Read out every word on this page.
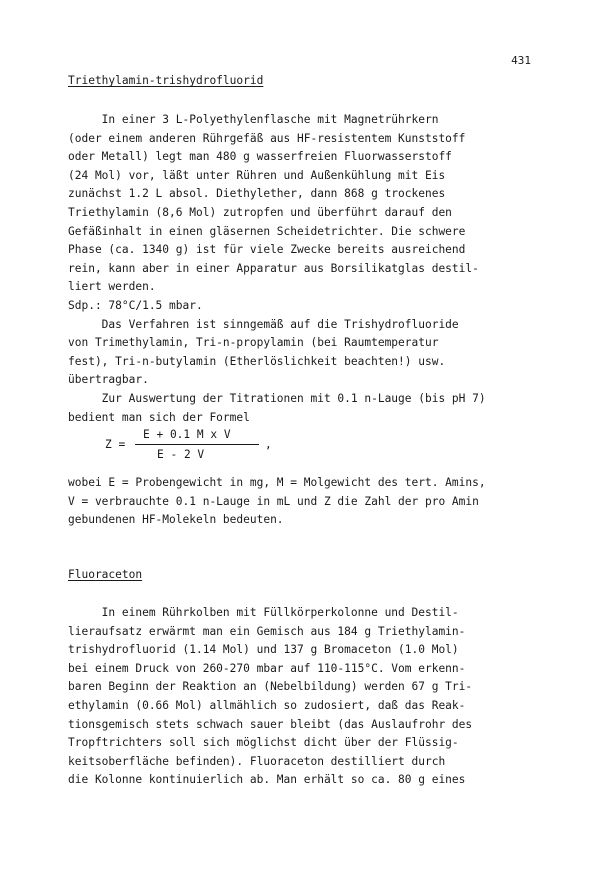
431
Triethylamin-trishydrofluorid
In einer 3 L-Polyethylenflasche mit Magnetrührkern
(oder einem anderen Rührgefäß aus HF-resistentem Kunststoff
oder Metall) legt man 480 g wasserfreien Fluorwasserstoff
(24 Mol) vor, läßt unter Rühren und Außenkühlung mit Eis
zunächst 1.2 L absol. Diethylether, dann 868 g trockenes
Triethylamin (8,6 Mol) zutropfen und überführt darauf den
Gefäßinhalt in einen gläsernen Scheidetrichter. Die schwere
Phase (ca. 1340 g) ist für viele Zwecke bereits ausreichend
rein, kann aber in einer Apparatur aus Borsilikatglas destil-
liert werden.
Sdp.: 78°C/1.5 mbar.
Das Verfahren ist sinngemäß auf die Trishydrofluoride
von Trimethylamin, Tri-n-propylamin (bei Raumtemperatur
fest), Tri-n-butylamin (Etherlöslichkeit beachten!) usw.
übertragbar.
Zur Auswertung der Titrationen mit 0.1 n-Lauge (bis pH 7)
bedient man sich der Formel
Z =
E + 0.1 M x V
E - 2 V
,
wobei E = Probengewicht in mg, M = Molgewicht des tert. Amins,
V = verbrauchte 0.1 n-Lauge in mL und Z die Zahl der pro Amin
gebundenen HF-Molekeln bedeuten.
Fluoraceton
In einem Rührkolben mit Füllkörperkolonne und Destil-
lieraufsatz erwärmt man ein Gemisch aus 184 g Triethylamin-
trishydrofluorid (1.14 Mol) und 137 g Bromaceton (1.0 Mol)
bei einem Druck von 260-270 mbar auf 110-115°C. Vom erkenn-
baren Beginn der Reaktion an (Nebelbildung) werden 67 g Tri-
ethylamin (0.66 Mol) allmählich so zudosiert, daß das Reak-
tionsgemisch stets schwach sauer bleibt (das Auslaufrohr des
Tropftrichters soll sich möglichst dicht über der Flüssig-
keitsoberfläche befinden). Fluoraceton destilliert durch
die Kolonne kontinuierlich ab. Man erhält so ca. 80 g eines
